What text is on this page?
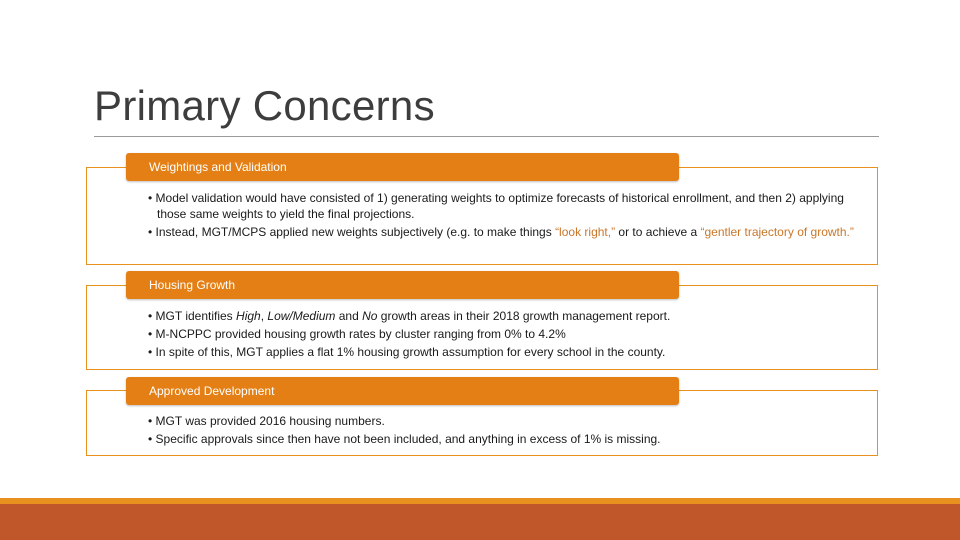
Primary Concerns
Weightings and Validation
• Model validation would have consisted of 1) generating weights to optimize forecasts of historical enrollment, and then 2) applying those same weights to yield the final projections.
• Instead, MGT/MCPS applied new weights subjectively (e.g. to make things “look right,” or to achieve a “gentler trajectory of growth.”
Housing Growth
• MGT identifies High, Low/Medium and No growth areas in their 2018 growth management report.
• M-NCPPC provided housing growth rates by cluster ranging from 0% to 4.2%
• In spite of this, MGT applies a flat 1% housing growth assumption for every school in the county.
Approved Development
• MGT was provided 2016 housing numbers.
• Specific approvals since then have not been included, and anything in excess of 1% is missing.
